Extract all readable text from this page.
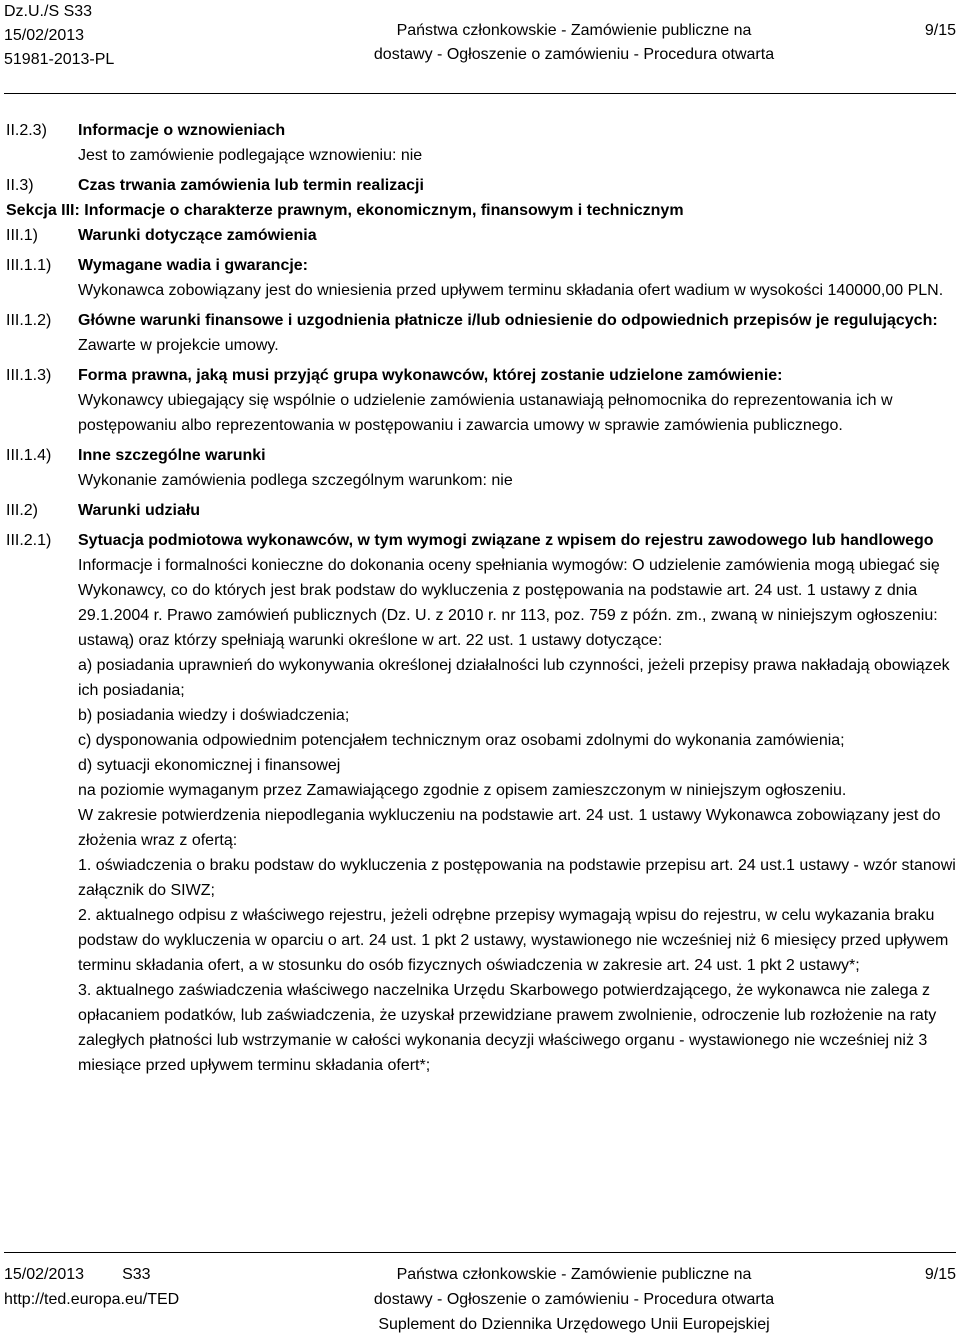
Dz.U./S S33
15/02/2013
51981-2013-PL
Państwa członkowskie - Zamówienie publiczne na
dostawy - Ogłoszenie o zamówieniu - Procedura otwarta
9/15
II.2.3) Informacje o wznowieniach

Jest to zamówienie podlegające wznowieniu: nie

II.3)	Czas trwania zamówienia lub termin realizacji
Sekcja III: Informacje o charakterze prawnym, ekonomicznym, finansowym i technicznym
III.1) Warunki dotyczące zamówienia
III.1.1) Wymagane wadia i gwarancje:

Wykonawca zobowiązany jest do wniesienia przed upływem terminu składania ofert wadium w wysokości 140000,00 PLN.

III.1.2) Główne warunki finansowe i uzgodnienia płatnicze i/lub odniesienie do odpowiednich przepisów je regulujących:

Zawarte w projekcie umowy.

III.1.3) Forma prawna, jaką musi przyjąć grupa wykonawców, której zostanie udzielone zamówienie:

Wykonawcy ubiegający się wspólnie o udzielenie zamówienia ustanawiają pełnomocnika do reprezentowania ich w postępowaniu albo reprezentowania w postępowaniu i zawarcia umowy w sprawie zamówienia publicznego.

III.1.4) Inne szczególne warunki

Wykonanie zamówienia podlega szczególnym warunkom: nie

III.2) Warunki udziału
III.2.1) Sytuacja podmiotowa wykonawców, w tym wymogi związane z wpisem do rejestru zawodowego lub handlowego

Informacje i formalności konieczne do dokonania oceny spełniania wymogów: O udzielenie zamówienia mogą ubiegać się Wykonawcy, co do których jest brak podstaw do wykluczenia z postępowania na podstawie art. 24 ust. 1 ustawy z dnia 29.1.2004 r. Prawo zamówień publicznych (Dz. U. z 2010 r. nr 113, poz. 759 z późn. zm., zwaną w niniejszym ogłoszeniu: ustawą) oraz którzy spełniają warunki określone w art. 22 ust. 1 ustawy dotyczące:

a) posiadania uprawnień do wykonywania określonej działalności lub czynności, jeżeli przepisy prawa nakładają obowiązek ich posiadania;

b) posiadania wiedzy i doświadczenia;

c) dysponowania odpowiednim potencjałem technicznym oraz osobami zdolnymi do wykonania zamówienia;

d) sytuacji ekonomicznej i finansowej

na poziomie wymaganym przez Zamawiającego zgodnie z opisem zamieszczonym w niniejszym ogłoszeniu.

W zakresie potwierdzenia niepodlegania wykluczeniu na podstawie art. 24 ust. 1 ustawy Wykonawca zobowiązany jest do złożenia wraz z ofertą:

1. oświadczenia o braku podstaw do wykluczenia z postępowania na podstawie przepisu art. 24 ust.1 ustawy - wzór stanowi załącznik do SIWZ;

2. aktualnego odpisu z właściwego rejestru, jeżeli odrębne przepisy wymagają wpisu do rejestru, w celu wykazania braku podstaw do wykluczenia w oparciu o art. 24 ust. 1 pkt 2 ustawy, wystawionego nie wcześniej niż 6 miesięcy przed upływem terminu składania ofert, a w stosunku do osób fizycznych oświadczenia w zakresie art. 24 ust. 1 pkt 2 ustawy*;

3. aktualnego zaświadczenia właściwego naczelnika Urzędu Skarbowego potwierdzającego, że wykonawca nie zalega z opłacaniem podatków, lub zaświadczenia, że uzyskał przewidziane prawem zwolnienie, odroczenie lub rozłożenie na raty zaległych płatności lub wstrzymanie w całości wykonania decyzji właściwego organu - wystawionego nie wcześniej niż 3 miesiące przed upływem terminu składania ofert*;

15/02/2013 S33
http://ted.europa.eu/TED
Państwa członkowskie - Zamówienie publiczne na
dostawy - Ogłoszenie o zamówieniu - Procedura otwarta
Suplement do Dziennika Urzędowego Unii Europejskiej
9/15
